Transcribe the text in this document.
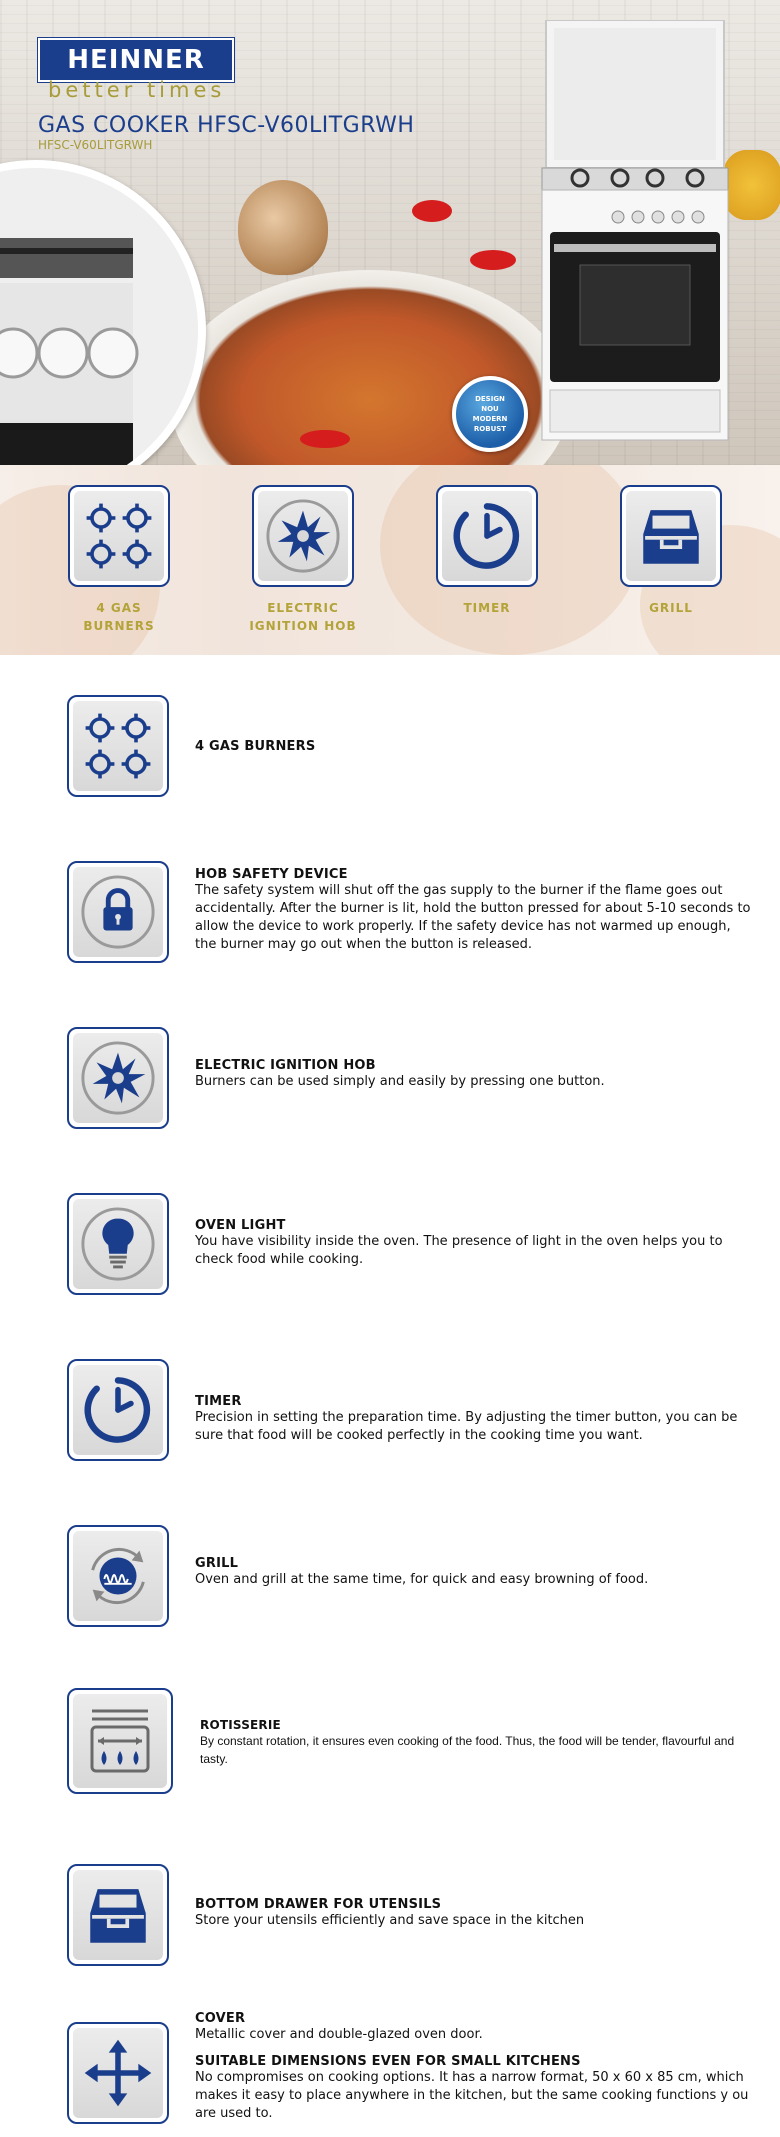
HEINNER
better times
GAS COOKER HFSC-V60LITGRWH
HFSC-V60LITGRWH
DESIGN
NOU
MODERN
ROBUST
4 GAS
BURNERS
ELECTRIC
IGNITION HOB
TIMER	GRILL
4 GAS BURNERS
HOB SAFETY DEVICE
The safety system will shut off the gas supply to the burner if the flame goes out accidentally. After the burner is lit, hold the button pressed for about 5-10 seconds to allow the device to work properly. If the safety device has not warmed up enough, the burner may go out when the button is released.
ELECTRIC IGNITION HOB
Burners can be used simply and easily by pressing one button.
OVEN LIGHT
You have visibility inside the oven. The presence of light in the oven helps you to check food while cooking.
TIMER
Precision in setting the preparation time. By adjusting the timer button, you can be sure that food will be cooked perfectly in the cooking time you want.
GRILL
Oven and grill at the same time, for quick and easy browning of food.
ROTISSERIE
By constant rotation, it ensures even cooking of the food. Thus, the food will be tender, flavourful and tasty.
BOTTOM DRAWER FOR UTENSILS
Store your utensils efficiently and save space in the kitchen
COVER
Metallic cover and double-glazed oven door.
SUITABLE DIMENSIONS EVEN FOR SMALL KITCHENS
No compromises on cooking options. It has a narrow format, 50 x 60 x 85 cm, which makes it easy to place anywhere in the kitchen, but the same cooking functions y ou are used to.
